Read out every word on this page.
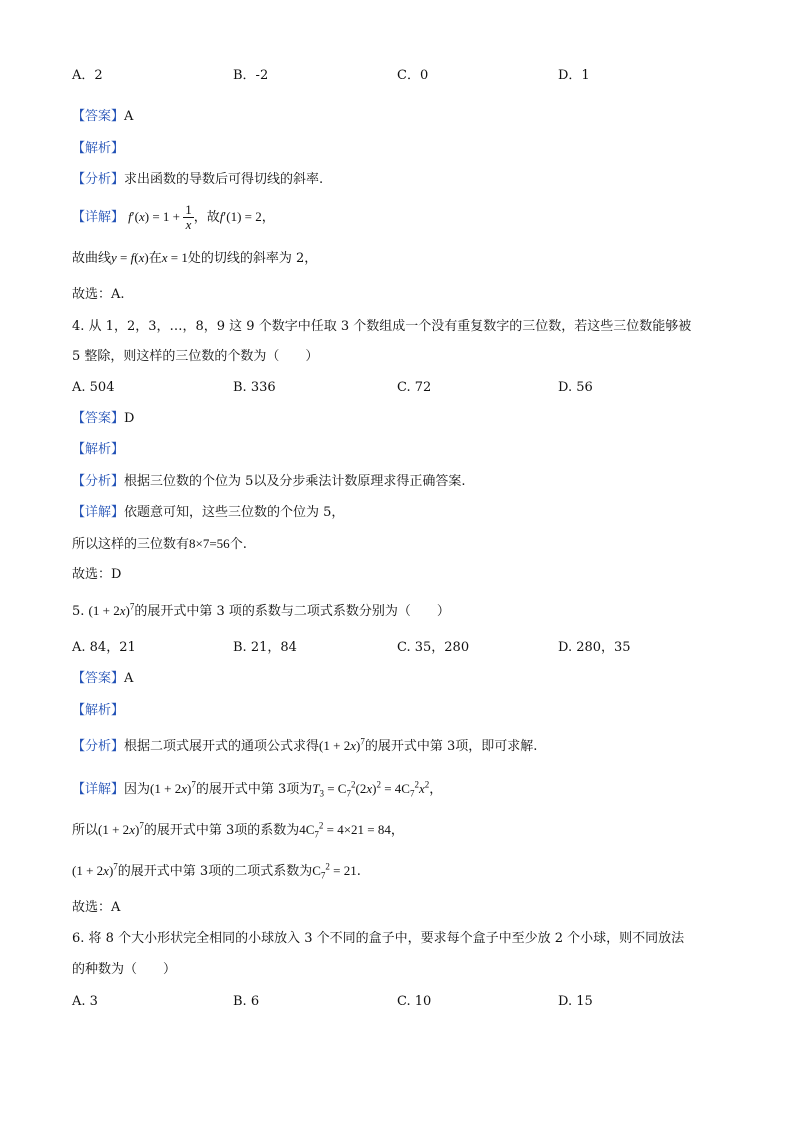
A．2	B．-2	C．0	D．1
【答案】A
【解析】
【分析】求出函数的导数后可得切线的斜率.
【详解】 $f'(x) = 1 + \frac{1}{x}$ ，故f′(1) = 2，
故曲线y = f(x)在x = 1处的切线的斜率为 2，
故选：A.
4. 从 1，2，3，…，8，9 这 9 个数字中任取 3 个数组成一个没有重复数字的三位数，若这些三位数能够被
5 整除，则这样的三位数的个数为（　　）
A. 504	B. 336	C. 72	D. 56
【答案】D
【解析】
【分析】根据三位数的个位为 5以及分步乘法计数原理求得正确答案.
【详解】依题意可知，这些三位数的个位为 5，
所以这样的三位数有8×7=56个.
故选：D
5. $(1 + 2x)^7$的展开式中第 3 项的系数与二项式系数分别为（　　）
A. 84，21	B. 21，84	C. 35，280	D. 280，35
【答案】A
【解析】
【分析】根据二项式展开式的通项公式求得$(1 + 2x)^7$的展开式中第 3项，即可求解.
【详解】因为$(1 + 2x)^7$的展开式中第 3项为$T_3 = C_7^2(2x)^2 = 4C_7^2x^2$，
所以$(1 + 2x)^7$的展开式中第 3项的系数为$4C_7^2 = 4\times 21 = 84$，
$(1 + 2x)^7$的展开式中第 3项的二项式系数为$C_7^2 = 21$.
故选：A
6. 将 8 个大小形状完全相同的小球放入 3 个不同的盒子中，要求每个盒子中至少放 2 个小球，则不同放法
的种数为（　　）
A. 3	B. 6	C. 10	D. 15
